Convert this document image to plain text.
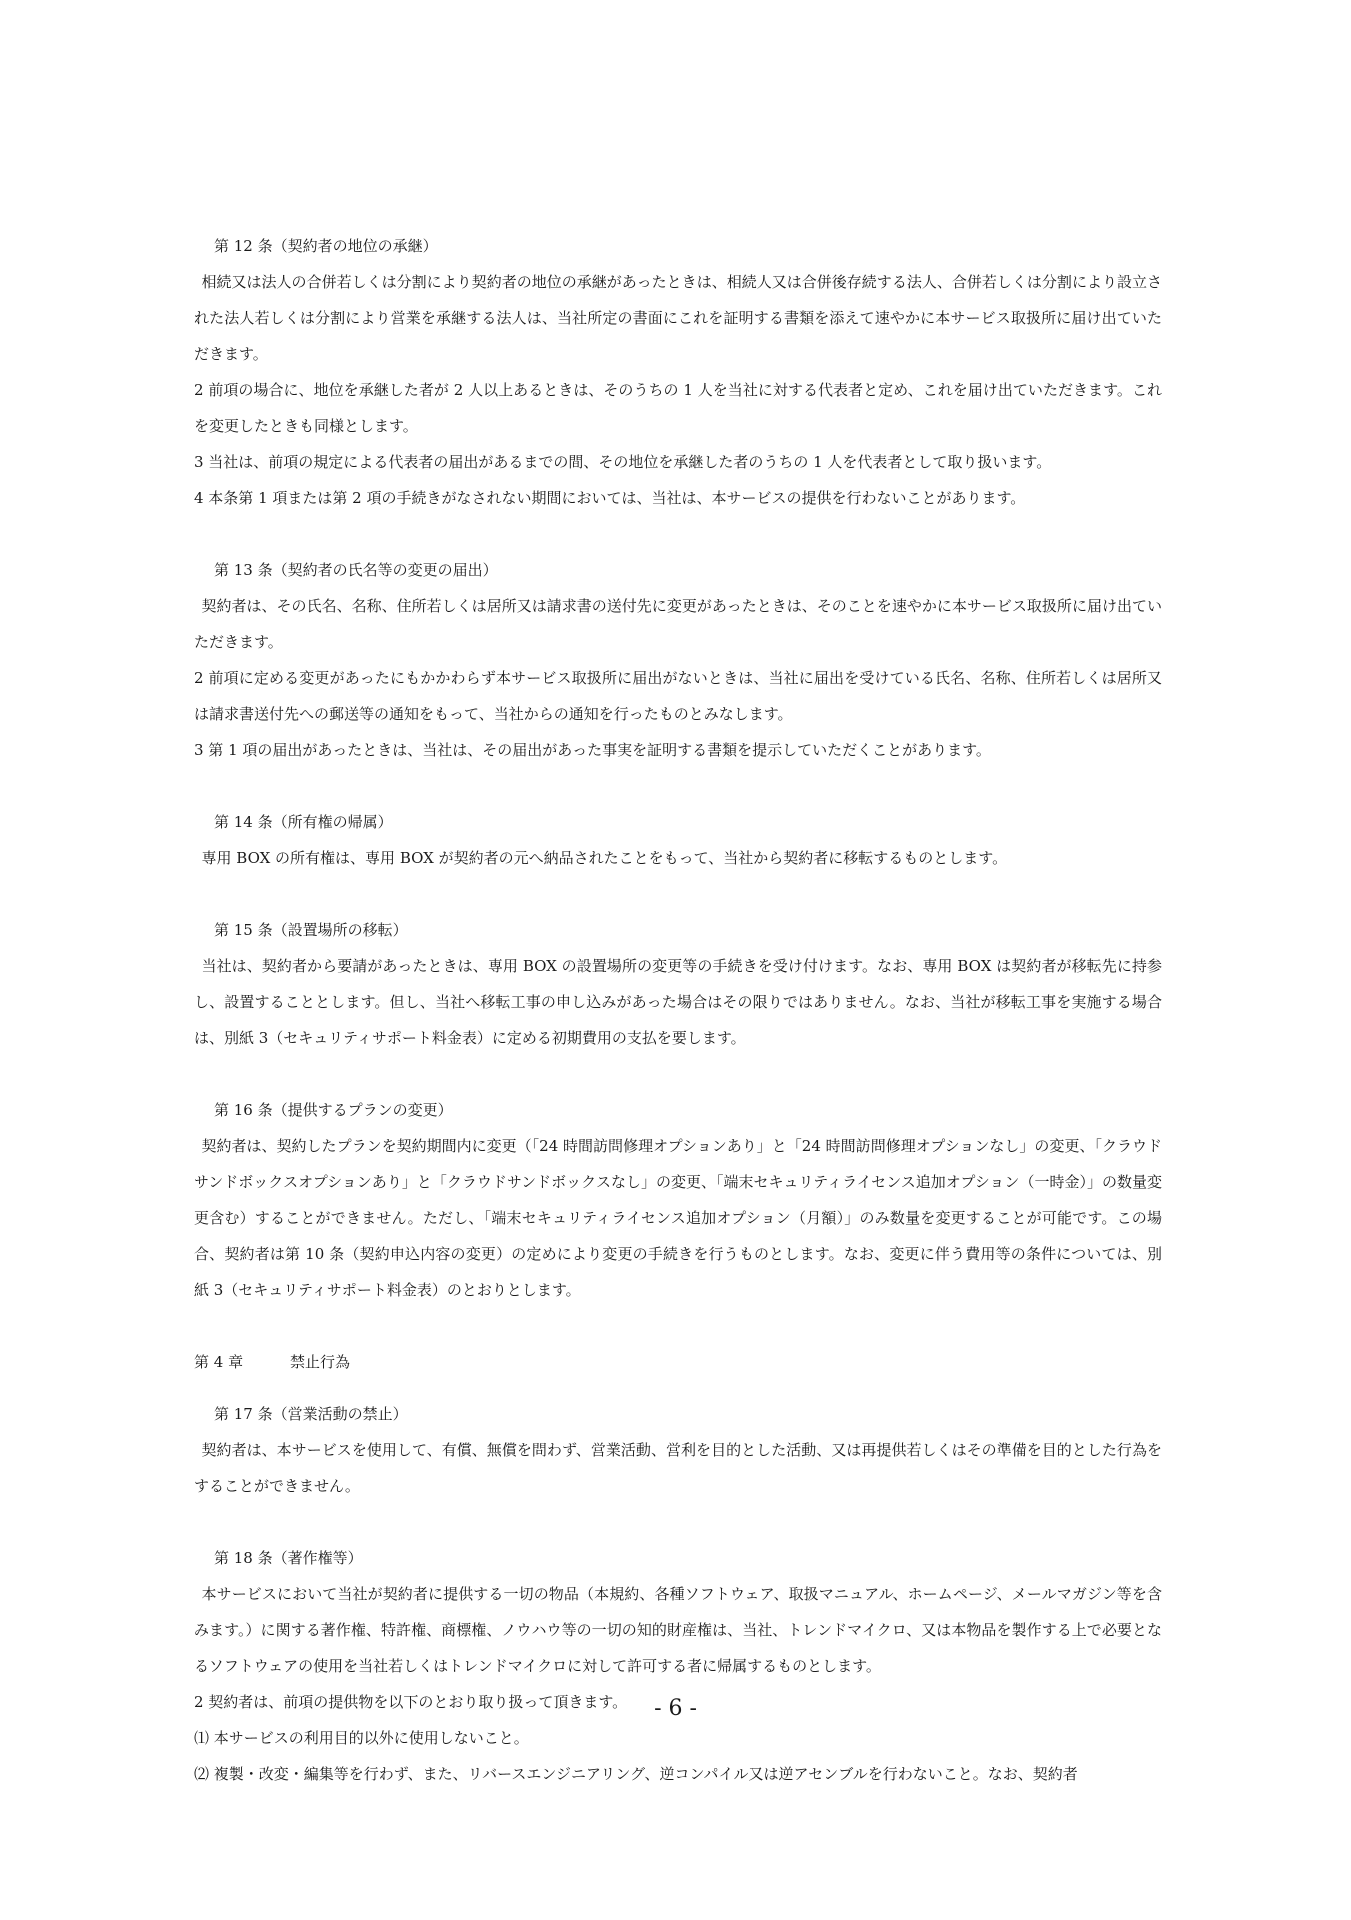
第 12 条（契約者の地位の承継）

相続又は法人の合併若しくは分割により契約者の地位の承継があったときは、相続人又は合併後存続する法人、合併若しくは分割により設立された法人若しくは分割により営業を承継する法人は、当社所定の書面にこれを証明する書類を添えて速やかに本サービス取扱所に届け出ていただきます。

2 前項の場合に、地位を承継した者が 2 人以上あるときは、そのうちの 1 人を当社に対する代表者と定め、これを届け出ていただきます。これを変更したときも同様とします。

3 当社は、前項の規定による代表者の届出があるまでの間、その地位を承継した者のうちの 1 人を代表者として取り扱います。

4 本条第 1 項または第 2 項の手続きがなされない期間においては、当社は、本サービスの提供を行わないことがあります。

第 13 条（契約者の氏名等の変更の届出）

契約者は、その氏名、名称、住所若しくは居所又は請求書の送付先に変更があったときは、そのことを速やかに本サービス取扱所に届け出ていただきます。

2 前項に定める変更があったにもかかわらず本サービス取扱所に届出がないときは、当社に届出を受けている氏名、名称、住所若しくは居所又は請求書送付先への郵送等の通知をもって、当社からの通知を行ったものとみなします。

3 第 1 項の届出があったときは、当社は、その届出があった事実を証明する書類を提示していただくことがあります。

第 14 条（所有権の帰属）

専用 BOX の所有権は、専用 BOX が契約者の元へ納品されたことをもって、当社から契約者に移転するものとします。

第 15 条（設置場所の移転）

当社は、契約者から要請があったときは、専用 BOX の設置場所の変更等の手続きを受け付けます。なお、専用 BOX は契約者が移転先に持参し、設置することとします。但し、当社へ移転工事の申し込みがあった場合はその限りではありません。なお、当社が移転工事を実施する場合は、別紙 3（セキュリティサポート料金表）に定める初期費用の支払を要します。

第 16 条（提供するプランの変更）

契約者は、契約したプランを契約期間内に変更（「24 時間訪問修理オプションあり」と「24 時間訪問修理オプションなし」の変更、「クラウドサンドボックスオプションあり」と「クラウドサンドボックスなし」の変更、「端末セキュリティライセンス追加オプション（一時金）」の数量変更含む）することができません。ただし、「端末セキュリティライセンス追加オプション（月額）」のみ数量を変更することが可能です。この場合、契約者は第 10 条（契約申込内容の変更）の定めにより変更の手続きを行うものとします。なお、変更に伴う費用等の条件については、別紙 3（セキュリティサポート料金表）のとおりとします。

第 4 章	禁止行為
第 17 条（営業活動の禁止）

契約者は、本サービスを使用して、有償、無償を問わず、営業活動、営利を目的とした活動、又は再提供若しくはその準備を目的とした行為をすることができません。

第 18 条（著作権等）

本サービスにおいて当社が契約者に提供する一切の物品（本規約、各種ソフトウェア、取扱マニュアル、ホームページ、メールマガジン等を含みます。）に関する著作権、特許権、商標権、ノウハウ等の一切の知的財産権は、当社、トレンドマイクロ、又は本物品を製作する上で必要となるソフトウェアの使用を当社若しくはトレンドマイクロに対して許可する者に帰属するものとします。

2 契約者は、前項の提供物を以下のとおり取り扱って頂きます。

⑴ 本サービスの利用目的以外に使用しないこと。

⑵ 複製・改変・編集等を行わず、また、リバースエンジニアリング、逆コンパイル又は逆アセンブルを行わないこと。なお、契約者

- 6 -
